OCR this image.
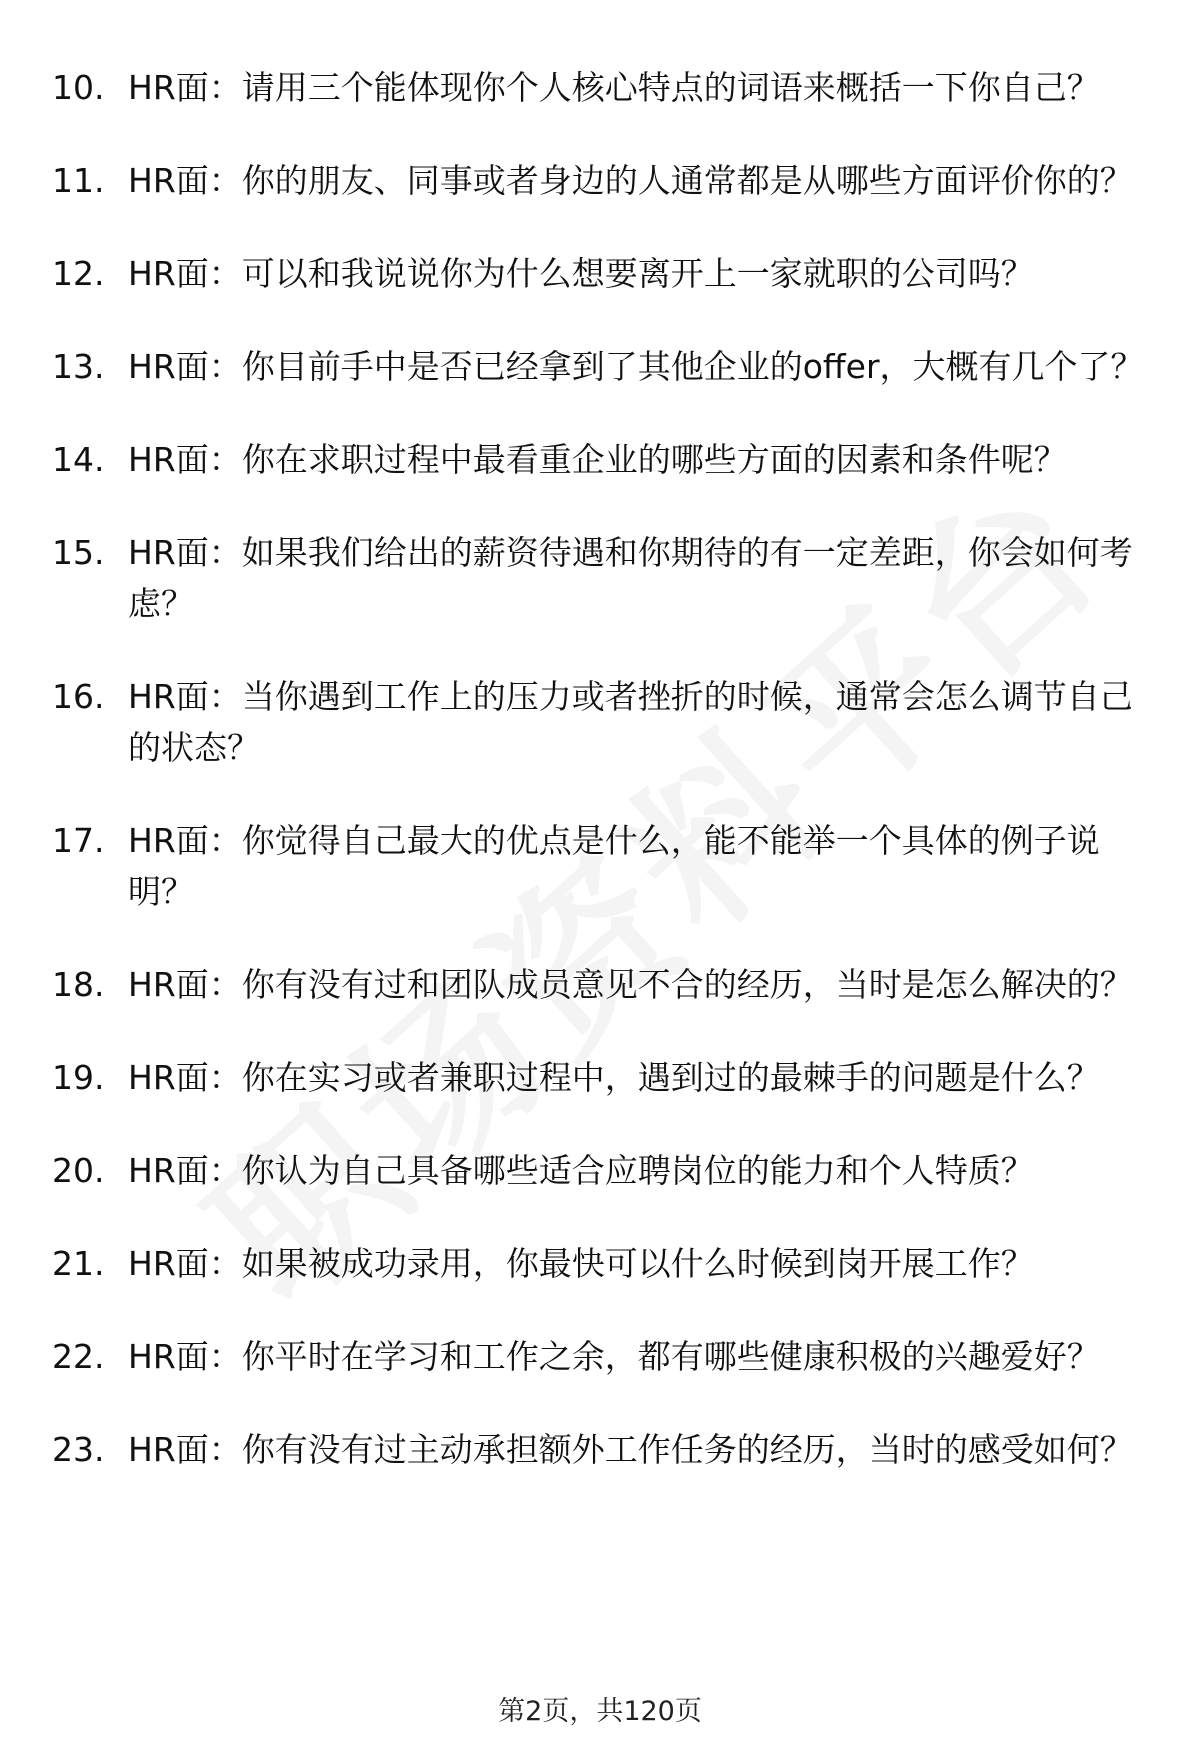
10. HR面：请用三个能体现你个人核心特点的词语来概括一下你自己？
11. HR面：你的朋友、同事或者身边的人通常都是从哪些方面评价你的？
12. HR面：可以和我说说你为什么想要离开上一家就职的公司吗？
13. HR面：你目前手中是否已经拿到了其他企业的offer，大概有几个了？
14. HR面：你在求职过程中最看重企业的哪些方面的因素和条件呢？
15. HR面：如果我们给出的薪资待遇和你期待的有一定差距，你会如何考虑？
16. HR面：当你遇到工作上的压力或者挫折的时候，通常会怎么调节自己的状态？
17. HR面：你觉得自己最大的优点是什么，能不能举一个具体的例子说明？
18. HR面：你有没有过和团队成员意见不合的经历，当时是怎么解决的？
19. HR面：你在实习或者兼职过程中，遇到过的最棘手的问题是什么？
20. HR面：你认为自己具备哪些适合应聘岗位的能力和个人特质？
21. HR面：如果被成功录用，你最快可以什么时候到岗开展工作？
22. HR面：你平时在学习和工作之余，都有哪些健康积极的兴趣爱好？
23. HR面：你有没有过主动承担额外工作任务的经历，当时的感受如何？
第2页，共120页
